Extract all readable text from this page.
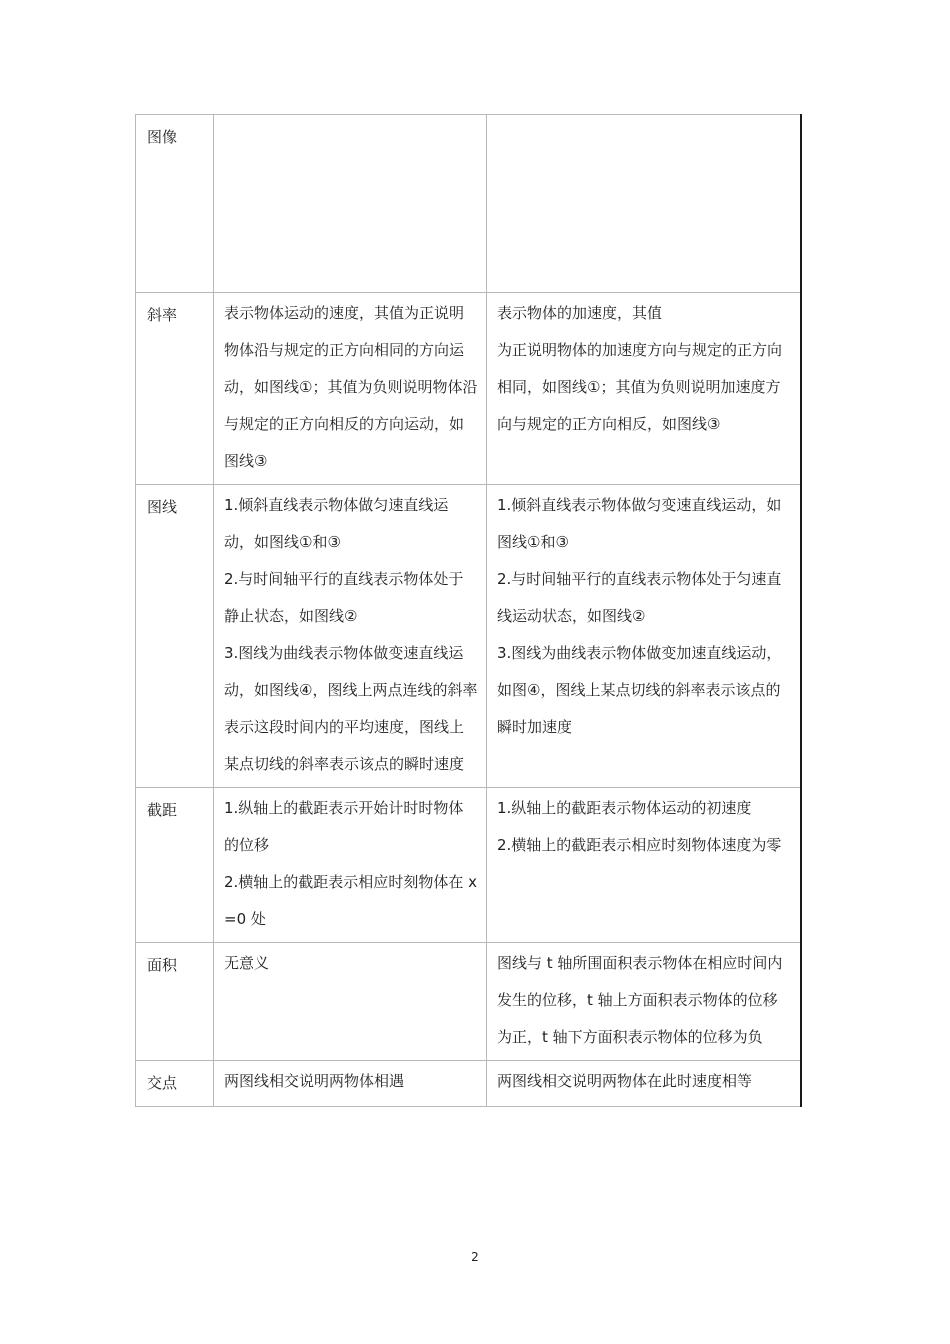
图像		
斜率	表示物体运动的速度，其值为正说明物体沿与规定的正方向相同的方向运动，如图线①；其值为负则说明物体沿与规定的正方向相反的方向运动，如图线③	表示物体的加速度，其值
为正说明物体的加速度方向与规定的正方向相同，如图线①；其值为负则说明加速度方向与规定的正方向相反，如图线③

图线	1.倾斜直线表示物体做匀速直线运动，如图线①和③
2.与时间轴平行的直线表示物体处于静止状态，如图线②
3.图线为曲线表示物体做变速直线运动，如图线④，图线上两点连线的斜率表示这段时间内的平均速度，图线上某点切线的斜率表示该点的瞬时速度	1.倾斜直线表示物体做匀变速直线运动，如图线①和③
2.与时间轴平行的直线表示物体处于匀速直线运动状态，如图线②
3.图线为曲线表示物体做变加速直线运动，如图④，图线上某点切线的斜率表示该点的瞬时加速度

截距	1.纵轴上的截距表示开始计时时物体的位移
2.横轴上的截距表示相应时刻物体在 x=0 处	1.纵轴上的截距表示物体运动的初速度
2.横轴上的截距表示相应时刻物体速度为零

面积	无意义	图线与 t 轴所围面积表示物体在相应时间内发生的位移，t 轴上方面积表示物体的位移为正，t 轴下方面积表示物体的位移为负

交点	两图线相交说明两物体相遇	两图线相交说明两物体在此时速度相等
2
